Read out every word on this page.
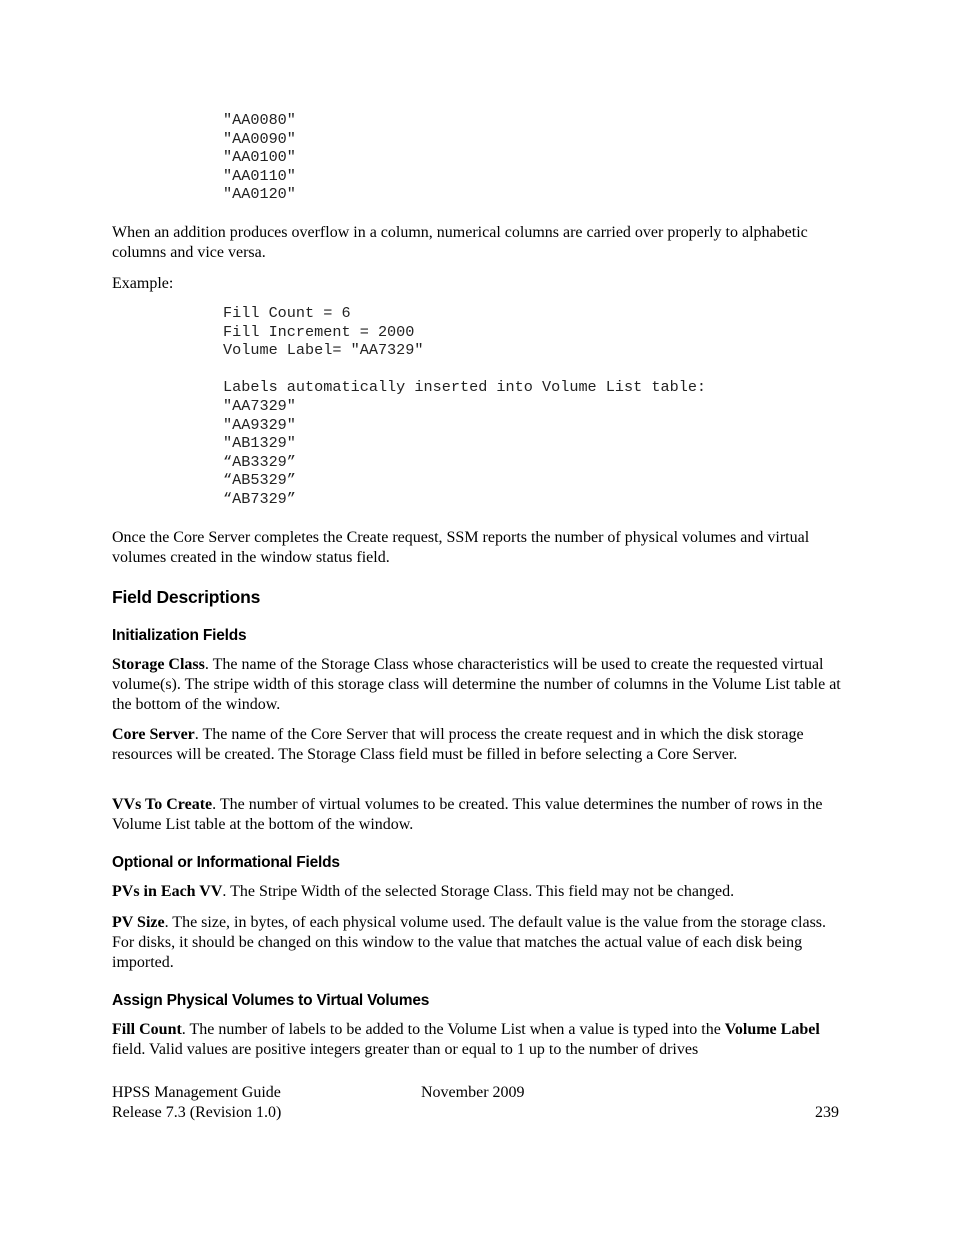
"AA0080"
"AA0090"
"AA0100"
"AA0110"
"AA0120"

When an addition produces overflow in a column, numerical columns are carried over properly to alphabetic columns and vice versa.

Example:

Fill Count = 6
Fill Increment = 2000
Volume Label= "AA7329"

Labels automatically inserted into Volume List table:
"AA7329"
"AA9329"
"AB1329"
“AB3329”
“AB5329”
“AB7329”

Once the Core Server completes the Create request, SSM reports the number of physical volumes and virtual volumes created in the window status field.

Field Descriptions
Initialization Fields

Storage Class. The name of the Storage Class whose characteristics will be used to create the requested virtual volume(s). The stripe width of this storage class will determine the number of columns in the Volume List table at the bottom of the window.

Core Server. The name of the Core Server that will process the create request and in which the disk storage resources will be created. The Storage Class field must be filled in before selecting a Core Server.

VVs To Create. The number of virtual volumes to be created. This value determines the number of rows in the Volume List table at the bottom of the window.

Optional or Informational Fields

PVs in Each VV. The Stripe Width of the selected Storage Class. This field may not be changed.

PV Size. The size, in bytes, of each physical volume used. The default value is the value from the storage class. For disks, it should be changed on this window to the value that matches the actual value of each disk being imported.

Assign Physical Volumes to Virtual Volumes

Fill Count. The number of labels to be added to the Volume List when a value is typed into the Volume Label field. Valid values are positive integers greater than or equal to 1 up to the number of drives

HPSS Management Guide	November 2009
Release 7.3 (Revision 1.0)	239
